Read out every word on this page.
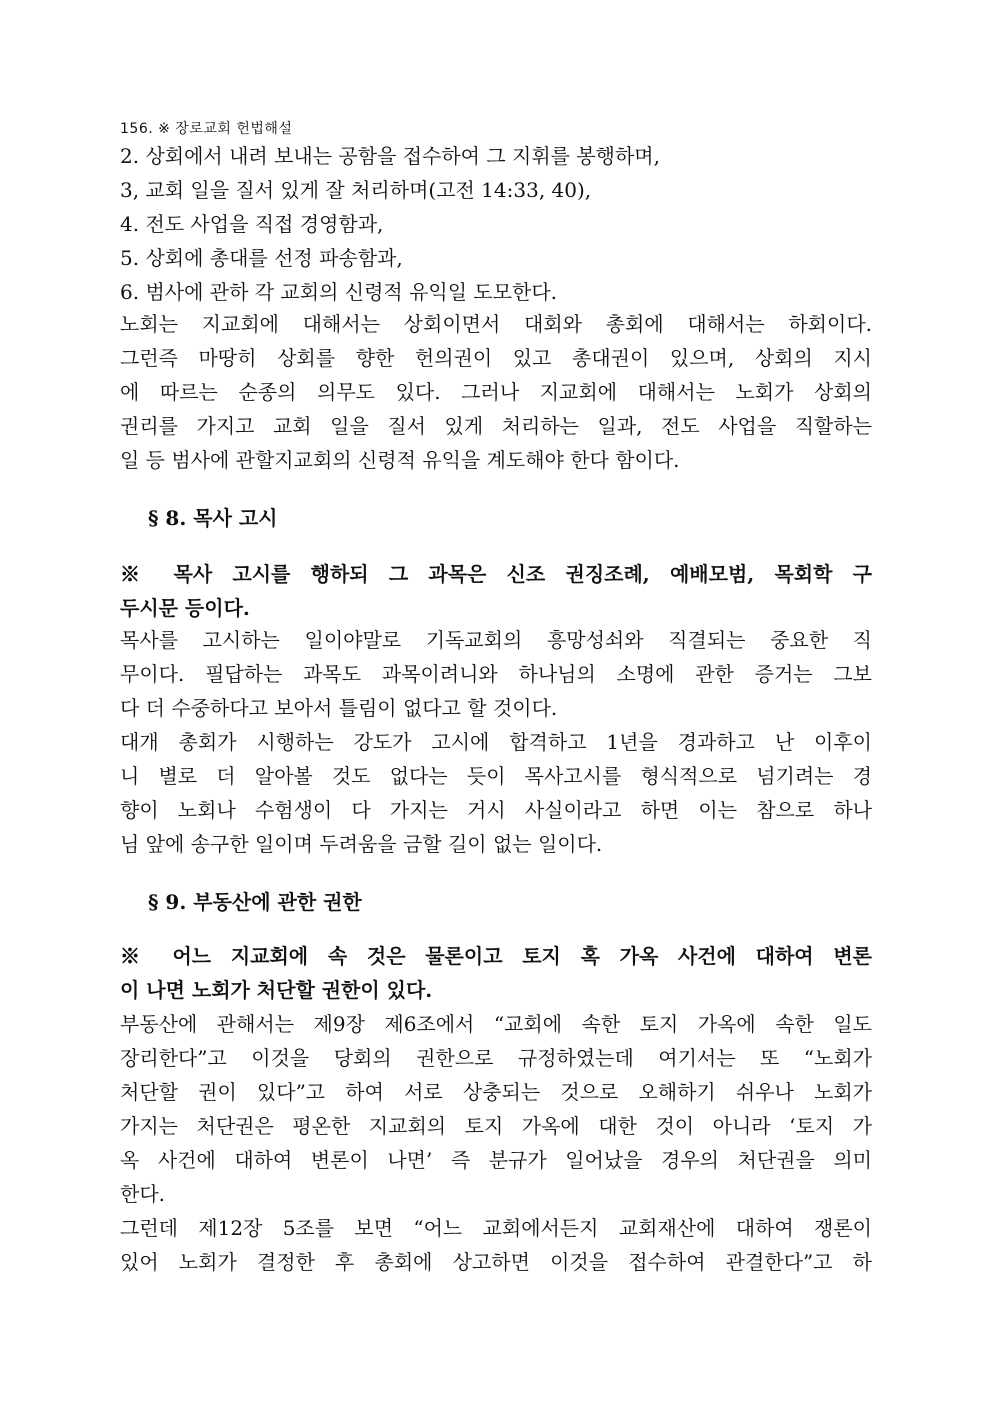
156. ※ 장로교회 헌법해설
2. 상회에서 내려 보내는 공함을 접수하여 그 지휘를 봉행하며,
3, 교회 일을 질서 있게 잘 처리하며(고전 14:33, 40),
4. 전도 사업을 직접 경영함과,
5. 상회에 총대를 선정 파송함과,
6. 범사에 관하 각 교회의 신령적 유익일 도모한다.
노회는 지교회에 대해서는 상회이면서 대회와 총회에 대해서는 하회이다.
그런즉 마땅히 상회를 향한 헌의권이 있고 총대권이 있으며, 상회의 지시
에 따르는 순종의 의무도 있다. 그러나 지교회에 대해서는 노회가 상회의
권리를 가지고 교회 일을 질서 있게 처리하는 일과, 전도 사업을 직할하는
일 등 범사에 관할지교회의 신령적 유익을 계도해야 한다 함이다.
§ 8. 목사 고시
※ 목사 고시를 행하되 그 과목은 신조 권징조례, 예배모범, 목회학 구
두시문 등이다.
목사를 고시하는 일이야말로 기독교회의 흥망성쇠와 직결되는 중요한 직
무이다. 필답하는 과목도 과목이려니와 하나님의 소명에 관한 증거는 그보
다 더 수중하다고 보아서 틀림이 없다고 할 것이다.
대개 총회가 시행하는 강도가 고시에 합격하고 1년을 경과하고 난 이후이
니 별로 더 알아볼 것도 없다는 듯이 목사고시를 형식적으로 넘기려는 경
향이 노회나 수험생이 다 가지는 거시 사실이라고 하면 이는 참으로 하나
님 앞에 송구한 일이며 두려움을 금할 길이 없는 일이다.
§ 9. 부동산에 관한 권한
※ 어느 지교회에 속 것은 물론이고 토지 혹 가옥 사건에 대하여 변론
이 나면 노회가 처단할 권한이 있다.
부동산에 관해서는 제9장 제6조에서 “교회에 속한 토지 가옥에 속한 일도
장리한다”고 이것을 당회의 권한으로 규정하였는데 여기서는 또 “노회가
처단할 권이 있다”고 하여 서로 상충되는 것으로 오해하기 쉬우나 노회가
가지는 처단권은 평온한 지교회의 토지 가옥에 대한 것이 아니라 ‘토지 가
옥 사건에 대하여 변론이 나면’ 즉 분규가 일어났을 경우의 처단권을 의미
한다.
그런데 제12장 5조를 보면 “어느 교회에서든지 교회재산에 대하여 쟁론이
있어 노회가 결정한 후 총회에 상고하면 이것을 접수하여 관결한다”고 하
